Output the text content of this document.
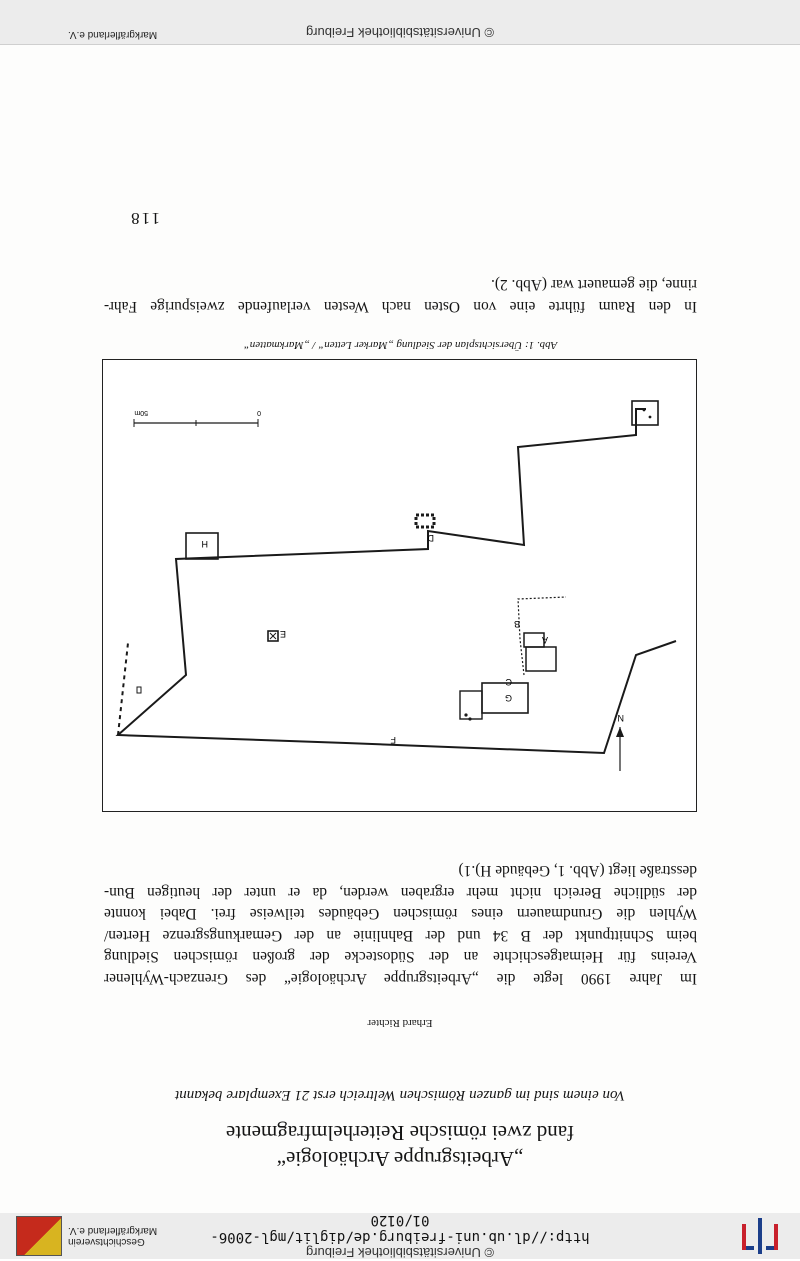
© Universitätsbibliothek Freiburg
http://dl.ub.uni-freiburg.de/diglit/mgl-2006-01/0120
Geschichtsverein
Markgräflerland e.V.
„Arbeitsgruppe Archäologie“
fand zwei römische Reiterhelmfragmente
Von einem sind im ganzen Römischen Weltreich erst 21 Exemplare bekannt
Erhard Richter
Im Jahre 1990 legte die „Arbeitsgruppe Archäologie“ des Grenzach-Wyhlener
Vereins für Heimatgeschichte an der Südostecke der großen römischen Siedlung
beim Schnittpunkt der B 34 und der Bahnlinie an der Gemarkungsgrenze Herten/
Wyhlen die Grundmauern eines römischen Gebäudes teilweise frei. Dabei konnte
der südliche Bereich nicht mehr ergraben werden, da er unter der heutigen Bun-
desstraße liegt (Abb. 1, Gebäude H).1)
A
B
C
D
E
F
G
H
N
0
50m
Abb. 1: Übersichtsplan der Siedlung „Marker Letten“ / „Markmatten“
In den Raum führte eine von Osten nach Westen verlaufende zweispurige Fahr-
rinne, die gemauert war (Abb. 2).
118
© Universitätsbibliothek Freiburg
Markgräflerland e.V.
